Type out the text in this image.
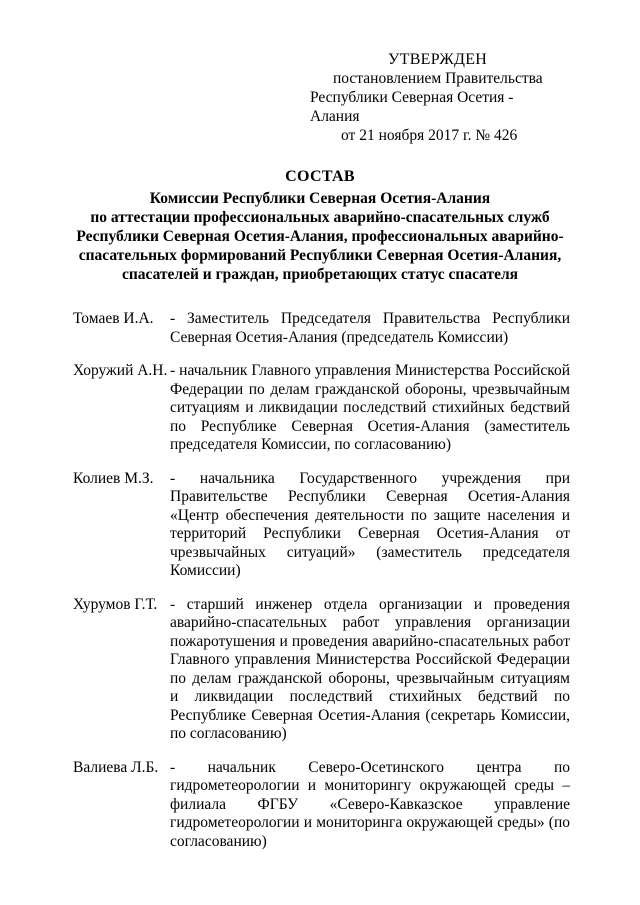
УТВЕРЖДЕН
постановлением Правительства
Республики Северная Осетия - Алания
от 21 ноября 2017 г. № 426
СОСТАВ
Комиссии Республики Северная Осетия-Алания
по аттестации профессиональных аварийно-спасательных служб
Республики Северная Осетия-Алания, профессиональных аварийно-
спасательных формирований Республики Северная Осетия-Алания,
спасателей и граждан, приобретающих статус спасателя
Томаев И.А.	- Заместитель Председателя Правительства Республики Северная Осетия-Алания (председатель Комиссии)
Хоружий А.Н. - начальник Главного управления Министерства Российской Федерации по делам гражданской обороны, чрезвычайным ситуациям и ликвидации последствий стихийных бедствий по Республике Северная Осетия-Алания (заместитель председателя Комиссии, по согласованию)
Колиев М.З.	- начальника Государственного учреждения при Правительстве Республики Северная Осетия-Алания «Центр обеспечения деятельности по защите населения и территорий Республики Северная Осетия-Алания от чрезвычайных ситуаций» (заместитель председателя Комиссии)
Хурумов Г.Т. - старший инженер отдела организации и проведения аварийно-спасательных работ управления организации пожаротушения и проведения аварийно-спасательных работ Главного управления Министерства Российской Федерации по делам гражданской обороны, чрезвычайным ситуациям и ликвидации последствий стихийных бедствий по Республике Северная Осетия-Алания (секретарь Комиссии, по согласованию)
Валиева Л.Б. - начальник Северо-Осетинского центра по гидрометеорологии и мониторингу окружающей среды – филиала ФГБУ «Северо-Кавказское управление гидрометеорологии и мониторинга окружающей среды» (по согласованию)
